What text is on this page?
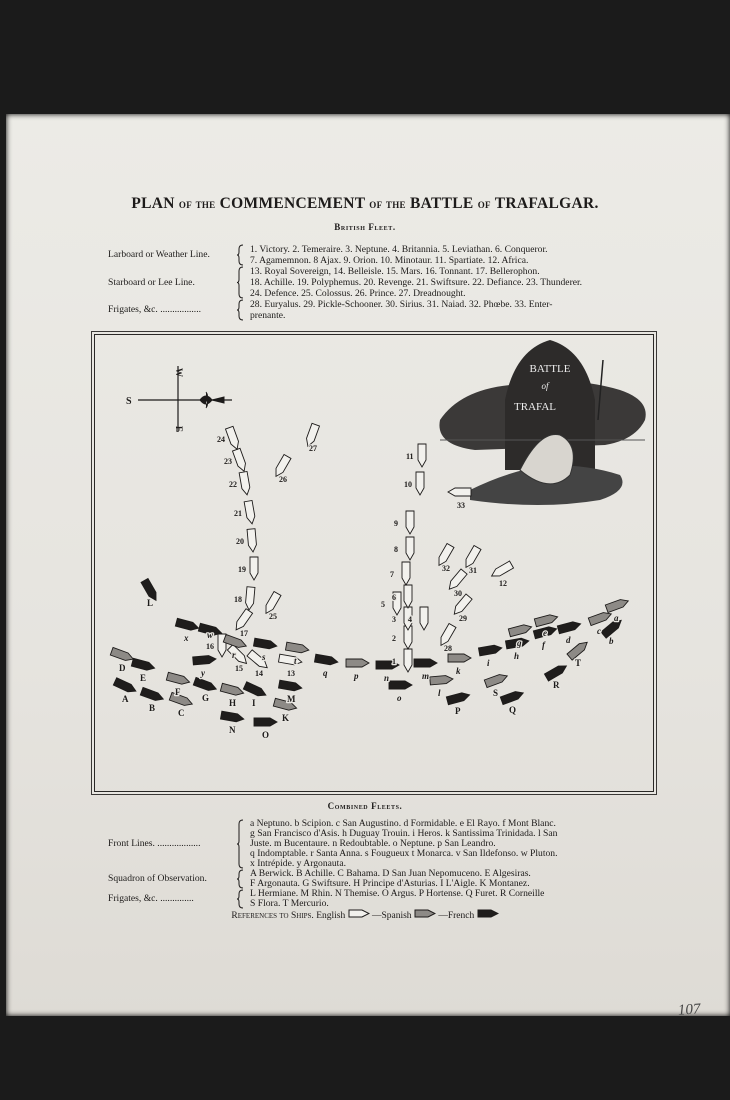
PLAN of the COMMENCEMENT of the BATTLE of TRAFALGAR.
British Fleet.
Larboard or Weather Line.	1. Victory. 2. Temeraire. 3. Neptune. 4. Britannia. 5. Leviathan. 6. Conqueror.
7. Agamemnon. 8 Ajax. 9. Orion. 10. Minotaur. 11. Spartiate. 12. Africa.
Starboard or Lee Line.
13. Royal Sovereign, 14. Belleisle. 15. Mars. 16. Tonnant. 17. Bellerophon.
18. Achille. 19. Polyphemus. 20. Revenge. 21. Swiftsure. 22. Defiance. 23. Thunderer.
24. Defence. 25. Colossus. 26. Prince. 27. Dreadnought.
Frigates, &c. .................	28. Euryalus. 29. Pickle-Schooner. 30. Sirius. 31. Naiad. 32. Phœbe. 33. Enter-
prenante.
S
W
E
BATTLE
of
TRAFAL
1
2
3 4
5
6
7
8
9
10
11
12
13
14
15
16
17
18
19
20
21
22
23
24
25
26
27
28
29
30
31
32
33
a
b
c
d
e
f
g
h
i
k
l
m
n
o
p
q
r	s	t
w
x
y
A
B	C
D
E
F
G H I
K
L
M
N	O
P	Q
R
S
T
Combined Fleets.
Front Lines. ..................
a Neptuno. b Scipion. c San Augustino. d Formidable. e El Rayo. f Mont Blanc.
g San Francisco d'Asis. h Duguay Trouin. i Heros. k Santissima Trinidada. l San
Juste. m Bucentaure. n Redoubtable. o Neptune. p San Leandro.
q Indomptable. r Santa Anna. s Fougueux t Monarca. v San Ildefonso. w Pluton.
x Intrépide. y Argonauta.
Squadron of Observation.	A Berwick. B Achille. C Bahama. D San Juan Nepomuceno. E Algesiras.
F Argonauta. G Swiftsure. H Principe d'Asturias. I L'Aigle. K Montanez.
Frigates, &c. ..............	L Hermiane. M Rhin. N Themise. O Argus. P Hortense. Q Furet. R Corneille
S Flora. T Mercurio.
References to Ships. English	—Spanish	—French
107
